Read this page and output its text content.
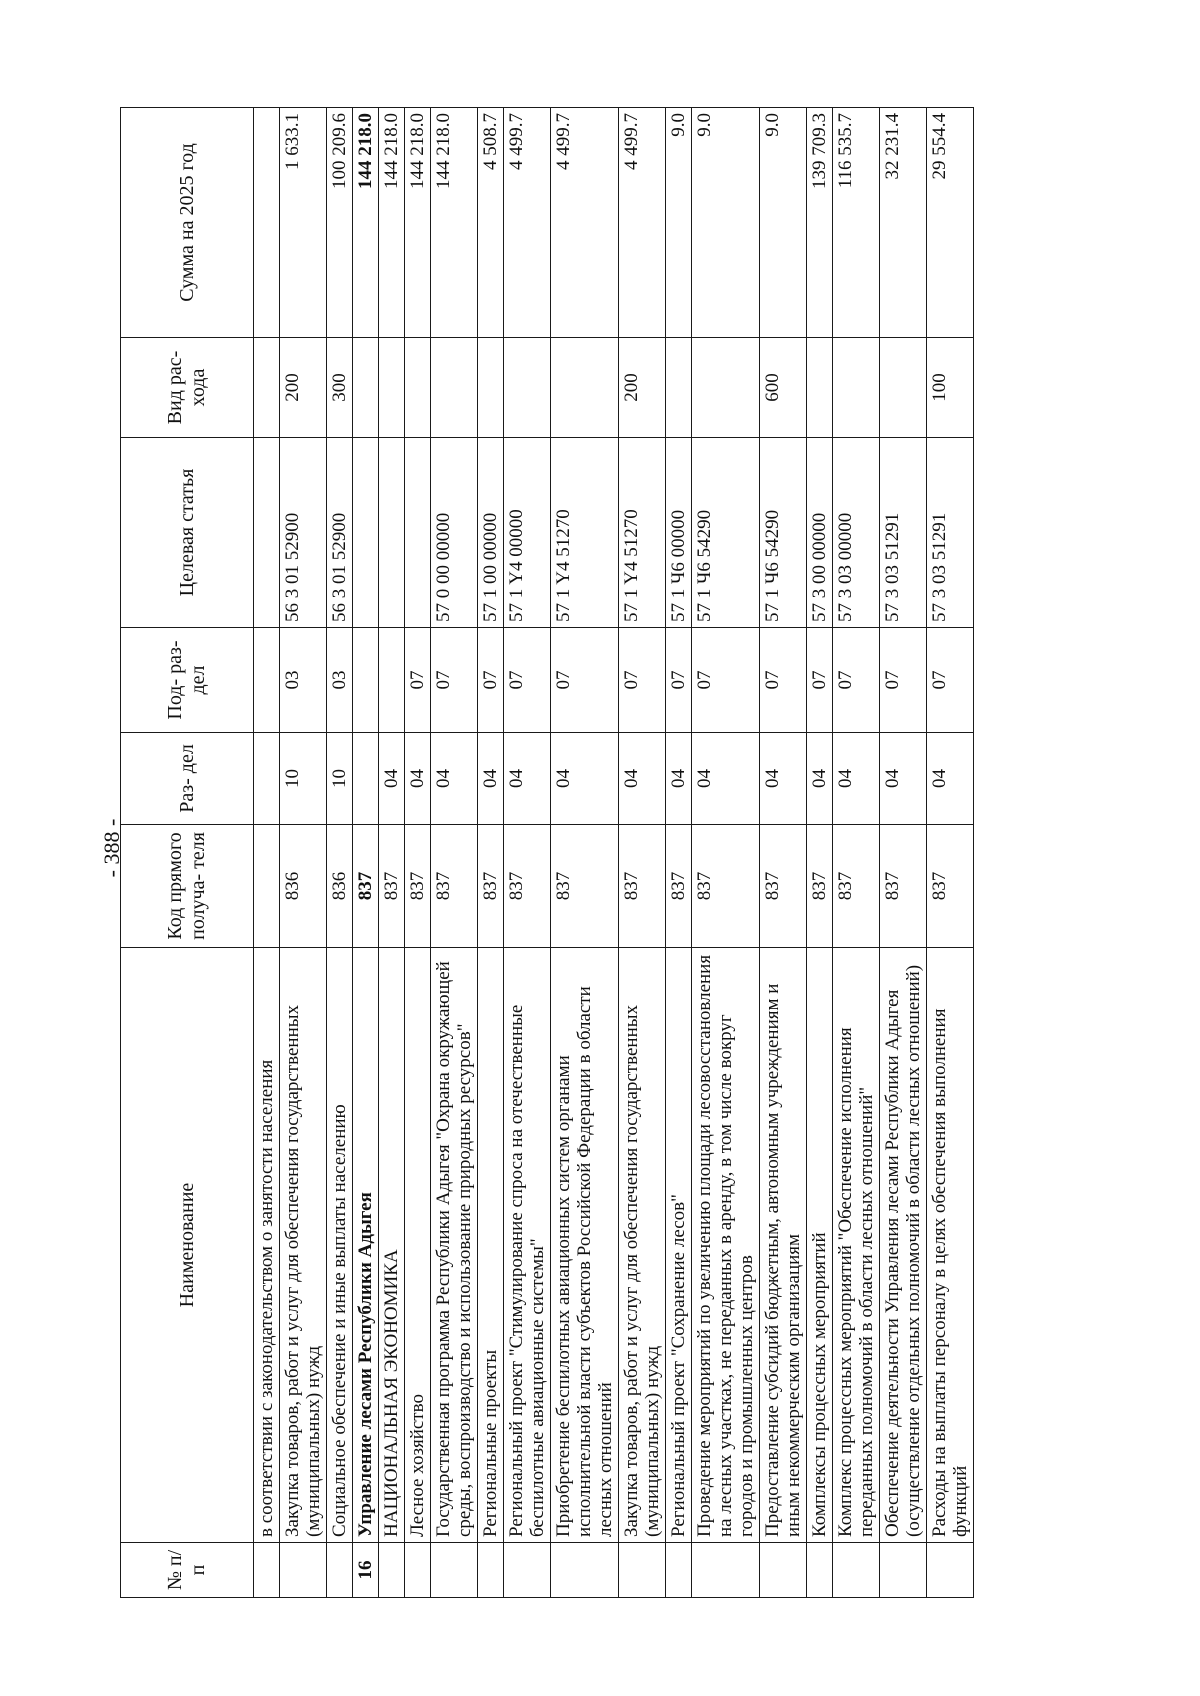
- 388 -
№ п/п	Наименование	Код прямого получа- теля	Раз- дел	Под- раз- дел	Целевая статья	Вид рас- хода	Сумма на 2025 год
	в соответствии с законодательством о занятости населения						
	Закупка товаров, работ и услуг для обеспечения государственных (муниципальных) нужд	836	10	03	56 3 01 52900	200	1 633.1
	Социальное обеспечение и иные выплаты населению	836	10	03	56 3 01 52900	300	100 209.6
16	Управление лесами Республики Адыгея	837					144 218.0
	НАЦИОНАЛЬНАЯ ЭКОНОМИКА	837	04				144 218.0
	Лесное хозяйство	837	04	07			144 218.0
	Государственная программа Республики Адыгея "Охрана окружающей среды, воспроизводство и использование природных ресурсов"	837	04	07	57 0 00 00000		144 218.0
	Региональные проекты	837	04	07	57 1 00 00000		4 508.7
	Региональный проект "Стимулирование спроса на отечественные беспилотные авиационные системы"	837	04	07	57 1 Y4 00000		4 499.7
	Приобретение беспилотных авиационных систем органами исполнительной власти субъектов Российской Федерации в области лесных отношений	837	04	07	57 1 Y4 51270		4 499.7
	Закупка товаров, работ и услуг для обеспечения государственных (муниципальных) нужд	837	04	07	57 1 Y4 51270	200	4 499.7
	Региональный проект "Сохранение лесов"	837	04	07	57 1 Ч6 00000		9.0
	Проведение мероприятий по увеличению площади лесовосстановления на лесных участках, не переданных в аренду, в том числе вокруг городов и промышленных центров	837	04	07	57 1 Ч6 54290		9.0
	Предоставление субсидий бюджетным, автономным учреждениям и иным некоммерческим организациям	837	04	07	57 1 Ч6 54290	600	9.0
	Комплексы процессных мероприятий	837	04	07	57 3 00 00000		139 709.3
	Комплекс процессных мероприятий "Обеспечение исполнения переданных полномочий в области лесных отношений"	837	04	07	57 3 03 00000		116 535.7
	Обеспечение деятельности Управления лесами Республики Адыгея (осуществление отдельных полномочий в области лесных отношений)	837	04	07	57 3 03 51291		32 231.4
	Расходы на выплаты персоналу в целях обеспечения выполнения функций	837	04	07	57 3 03 51291	100	29 554.4
